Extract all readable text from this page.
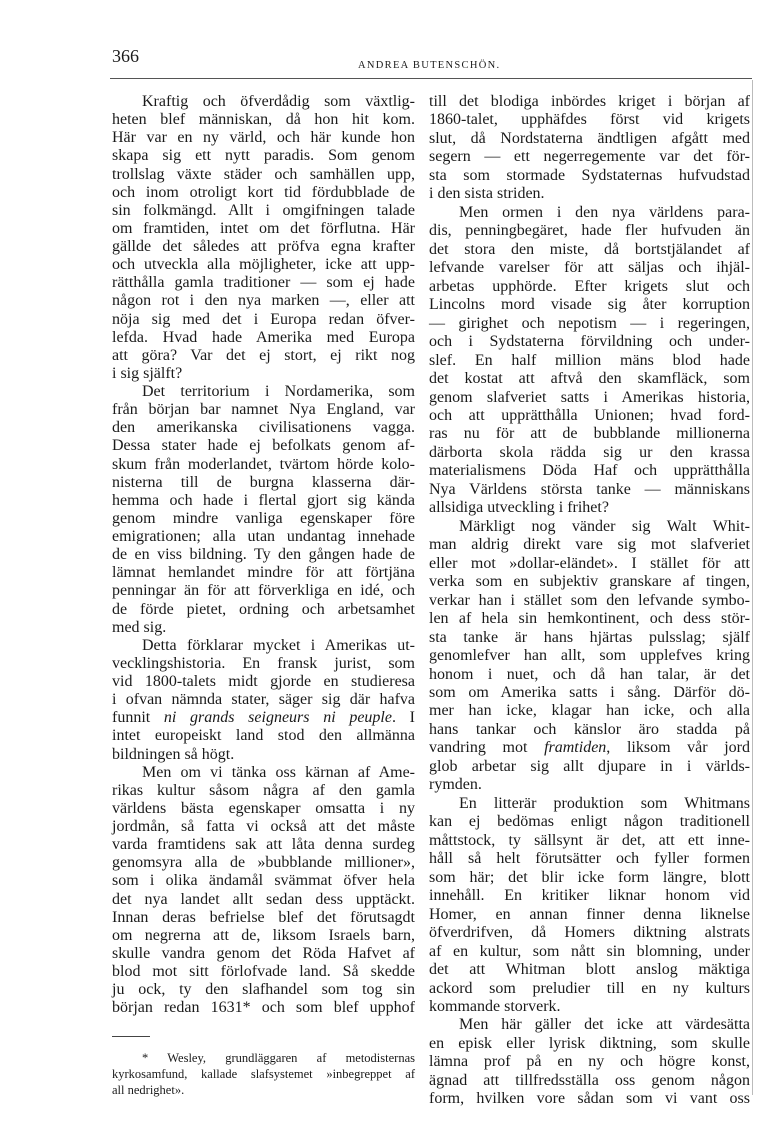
366	ANDREA BUTENSCHÖN.
Kraftig och öfverdådig som växtlig-
heten blef människan, då hon hit kom.
Här var en ny värld, och här kunde hon
skapa sig ett nytt paradis. Som genom
trollslag växte städer och samhällen upp,
och inom otroligt kort tid fördubblade de
sin folkmängd. Allt i omgifningen talade
om framtiden, intet om det förflutna. Här
gällde det således att pröfva egna krafter
och utveckla alla möjligheter, icke att upp-
rätthålla gamla traditioner — som ej hade
någon rot i den nya marken —, eller att
nöja sig med det i Europa redan öfver-
lefda. Hvad hade Amerika med Europa
att göra? Var det ej stort, ej rikt nog
i sig själft?
Det territorium i Nordamerika, som
från början bar namnet Nya England, var
den amerikanska civilisationens vagga.
Dessa stater hade ej befolkats genom af-
skum från moderlandet, tvärtom hörde kolo-
nisterna till de burgna klasserna där-
hemma och hade i flertal gjort sig kända
genom mindre vanliga egenskaper före
emigrationen; alla utan undantag innehade
de en viss bildning. Ty den gången hade de
lämnat hemlandet mindre för att förtjäna
penningar än för att förverkliga en idé, och
de förde pietet, ordning och arbetsamhet
med sig.
Detta förklarar mycket i Amerikas ut-
vecklingshistoria. En fransk jurist, som
vid 1800-talets midt gjorde en studieresa
i ofvan nämnda stater, säger sig där hafva
funnit ni grands seigneurs ni peuple. I
intet europeiskt land stod den allmänna
bildningen så högt.
Men om vi tänka oss kärnan af Ame-
rikas kultur såsom några af den gamla
världens bästa egenskaper omsatta i ny
jordmån, så fatta vi också att det måste
varda framtidens sak att låta denna surdeg
genomsyra alla de »bubblande millioner»,
som i olika ändamål svämmat öfver hela
det nya landet allt sedan dess upptäckt.
Innan deras befrielse blef det förutsagdt
om negrerna att de, liksom Israels barn,
skulle vandra genom det Röda Hafvet af
blod mot sitt förlofvade land. Så skedde
ju ock, ty den slafhandel som tog sin
början redan 1631* och som blef upphof
till det blodiga inbördes kriget i början af
1860-talet, upphäfdes först vid krigets
slut, då Nordstaterna ändtligen afgått med
segern — ett negerregemente var det för-
sta som stormade Sydstaternas hufvudstad
i den sista striden.
Men ormen i den nya världens para-
dis, penningbegäret, hade fler hufvuden än
det stora den miste, då bortstjälandet af
lefvande varelser för att säljas och ihjäl-
arbetas upphörde. Efter krigets slut och
Lincolns mord visade sig åter korruption
— girighet och nepotism — i regeringen,
och i Sydstaterna förvildning och under-
slef. En half million mäns blod hade
det kostat att aftvå den skamfläck, som
genom slafveriet satts i Amerikas historia,
och att upprätthålla Unionen; hvad ford-
ras nu för att de bubblande millionerna
därborta skola rädda sig ur den krassa
materialismens Döda Haf och upprätthålla
Nya Världens största tanke — människans
allsidiga utveckling i frihet?
Märkligt nog vänder sig Walt Whit-
man aldrig direkt vare sig mot slafveriet
eller mot »dollar-eländet». I stället för att
verka som en subjektiv granskare af tingen,
verkar han i stället som den lefvande symbo-
len af hela sin hemkontinent, och dess stör-
sta tanke är hans hjärtas pulsslag; själf
genomlefver han allt, som upplefves kring
honom i nuet, och då han talar, är det
som om Amerika satts i sång. Därför dö-
mer han icke, klagar han icke, och alla
hans tankar och känslor äro stadda på
vandring mot framtiden, liksom vår jord
glob arbetar sig allt djupare in i världs-
rymden.
En litterär produktion som Whitmans
kan ej bedömas enligt någon traditionell
måttstock, ty sällsynt är det, att ett inne-
håll så helt förutsätter och fyller formen
som här; det blir icke form längre, blott
innehåll. En kritiker liknar honom vid
Homer, en annan finner denna liknelse
öfverdrifven, då Homers diktning alstrats
af en kultur, som nått sin blomning, under
det att Whitman blott anslog mäktiga
ackord som preludier till en ny kulturs
kommande storverk.
Men här gäller det icke att värdesätta
en episk eller lyrisk diktning, som skulle
lämna prof på en ny och högre konst,
ägnad att tillfredsställa oss genom någon
form, hvilken vore sådan som vi vant oss
* Wesley, grundläggaren af metodisternas
kyrkosamfund, kallade slafsystemet »inbegreppet af
all nedrighet».
